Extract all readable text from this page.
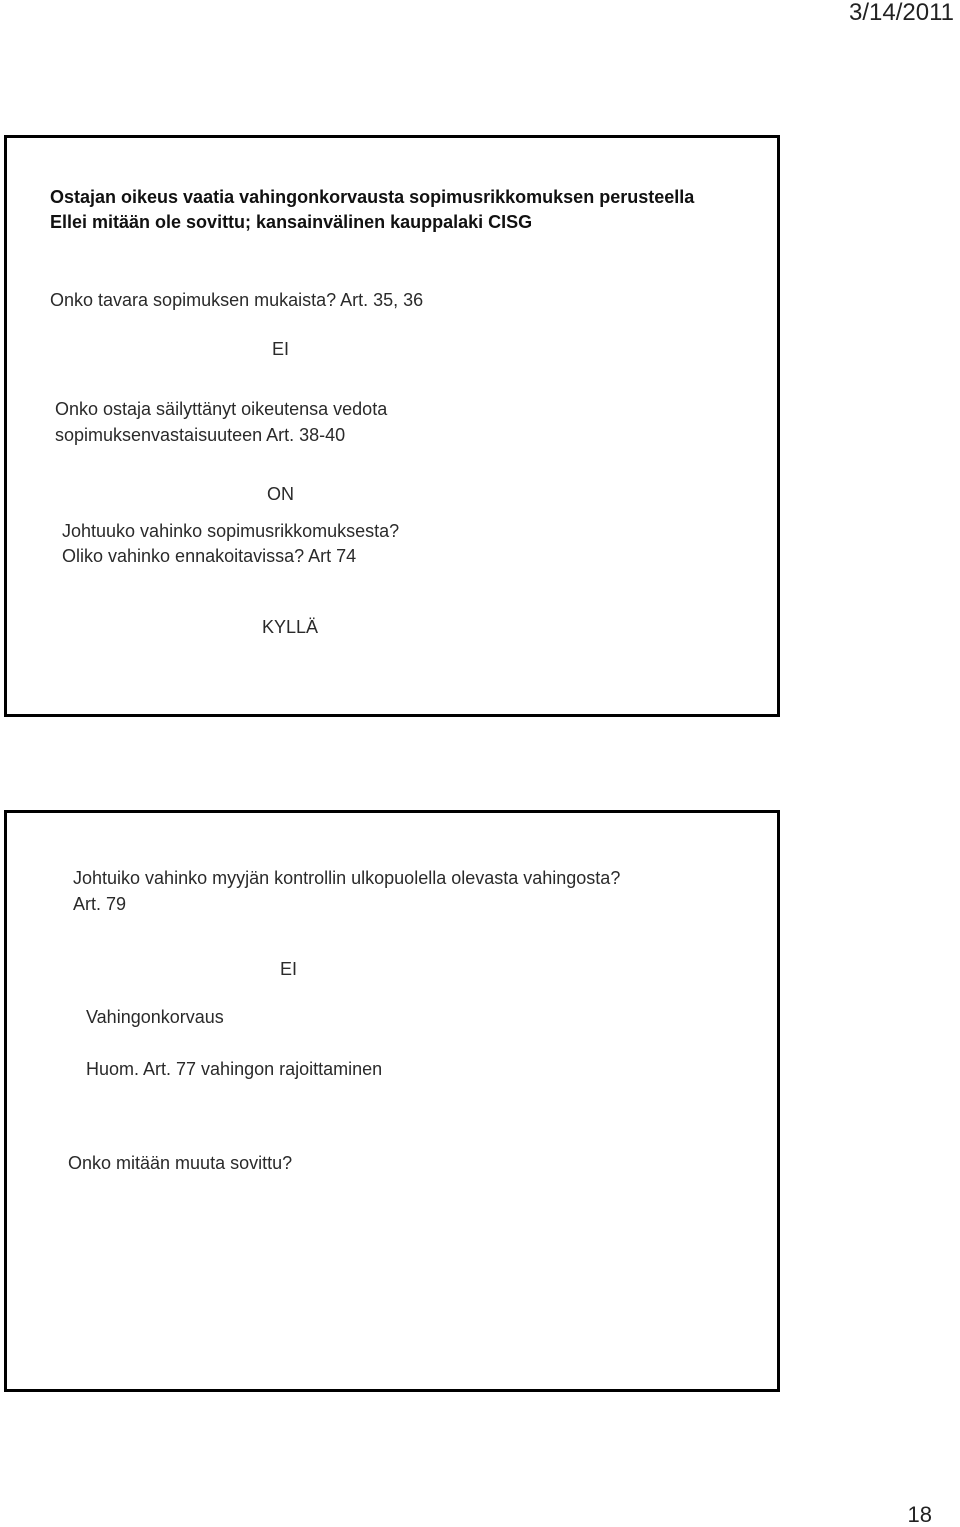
3/14/2011
Ostajan oikeus vaatia vahingonkorvausta sopimusrikkomuksen perusteella
Ellei mitään ole sovittu; kansainvälinen kauppalaki CISG
Onko tavara sopimuksen mukaista? Art. 35, 36
EI
Onko ostaja säilyttänyt oikeutensa vedota
sopimuksenvastaisuuteen Art. 38-40
ON
Johtuuko vahinko sopimusrikkomuksesta?
Oliko vahinko ennakoitavissa? Art 74
KYLLÄ
Johtuiko vahinko myyjän kontrollin ulkopuolella olevasta vahingosta?
Art. 79
EI
Vahingonkorvaus
Huom. Art. 77 vahingon rajoittaminen
Onko mitään muuta sovittu?
18
